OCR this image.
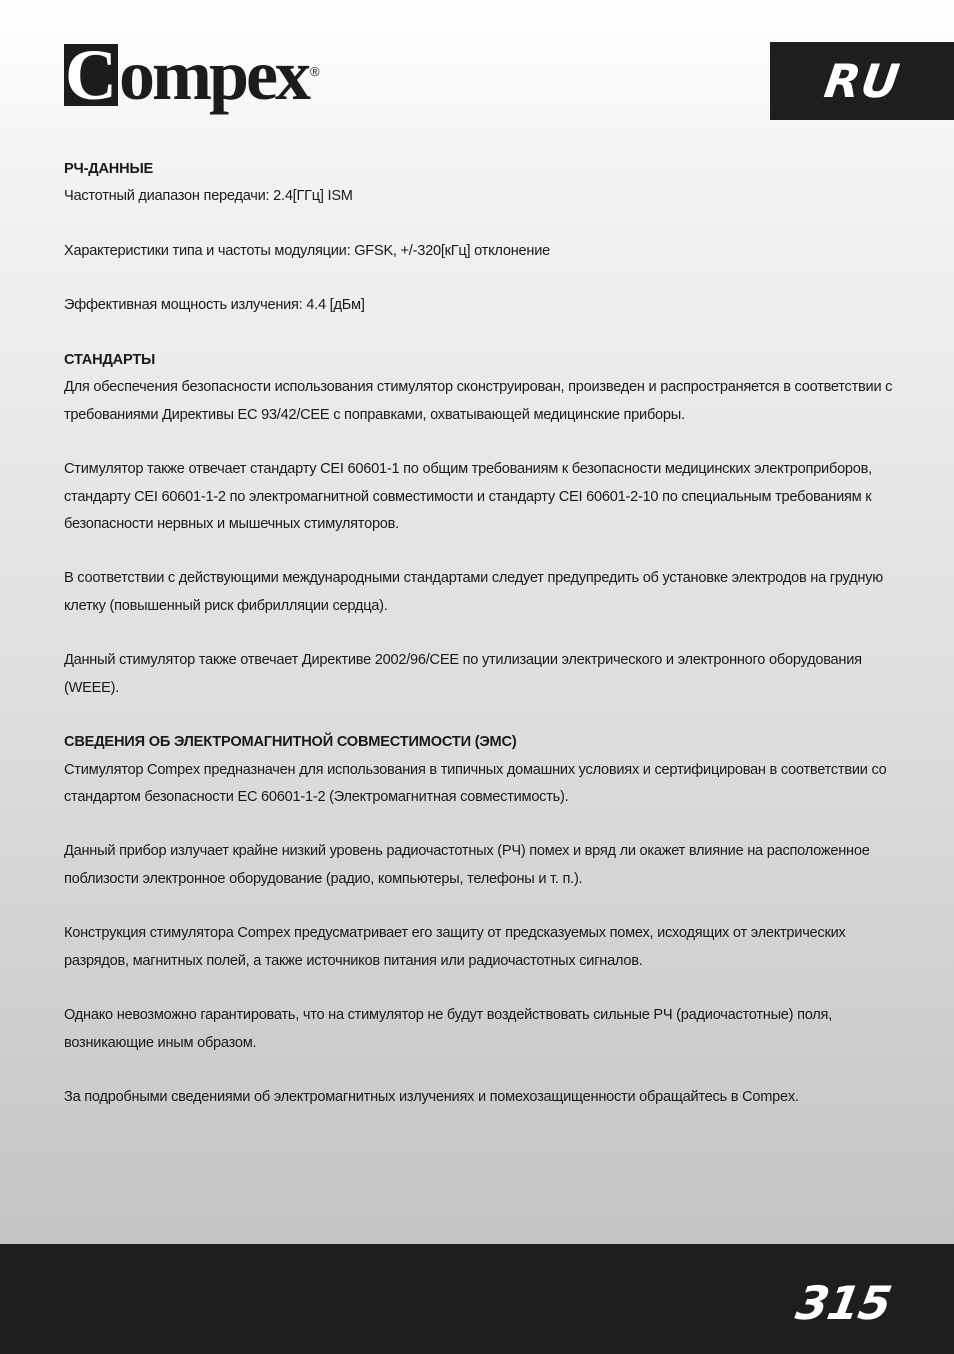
C ompex ®	RU
РЧ-ДАННЫЕ

Частотный диапазон передачи: 2.4[ГГц] ISM

Характеристики типа и частоты модуляции: GFSK, +/-320[кГц] отклонение

Эффективная мощность излучения: 4.4 [дБм]

СТАНДАРТЫ

Для обеспечения безопасности использования стимулятор сконструирован, произведен и распространяется в соответствии с требованиями Директивы ЕС 93/42/CEE с поправками, охватывающей медицинские приборы.

Стимулятор также отвечает стандарту CEI 60601-1 по общим требованиям к безопасности медицинских электроприборов, стандарту CEI 60601-1-2 по электромагнитной совместимости и стандарту CEI 60601-2-10 по специальным требованиям к безопасности нервных и мышечных стимуляторов.

В соответствии с действующими международными стандартами следует предупредить об установке электродов на грудную клетку (повышенный риск фибрилляции сердца).

Данный стимулятор также отвечает Директиве 2002/96/CEE по утилизации электрического и электронного оборудования (WEEE).

СВЕДЕНИЯ ОБ ЭЛЕКТРОМАГНИТНОЙ СОВМЕСТИМОСТИ (ЭМС)

Стимулятор Compex предназначен для использования в типичных домашних условиях и сертифицирован в соответствии со стандартом безопасности EC 60601-1-2 (Электромагнитная совместимость).

Данный прибор излучает крайне низкий уровень радиочастотных (РЧ) помех и вряд ли окажет влияние на расположенное поблизости электронное оборудование (радио, компьютеры, телефоны и т. п.).

Конструкция стимулятора Compex предусматривает его защиту от предсказуемых помех, исходящих от электрических разрядов, магнитных полей, а также источников питания или радиочастотных сигналов.

Однако невозможно гарантировать, что на стимулятор не будут воздействовать сильные РЧ (радиочастотные) поля, возникающие иным образом.

За подробными сведениями об электромагнитных излучениях и помехозащищенности обращайтесь в Compex.

315
